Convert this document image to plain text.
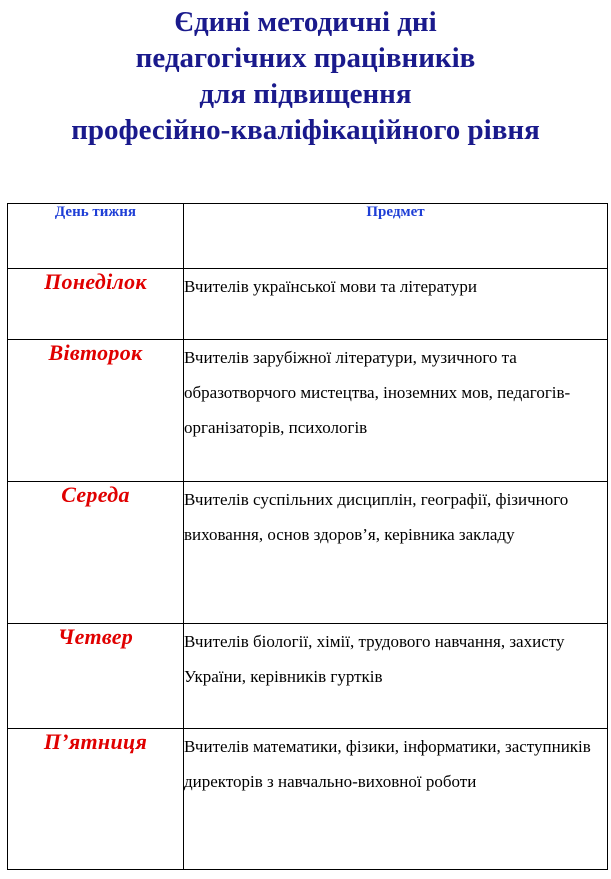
Єдині методичні дні
педагогічних працівників
для підвищення
професійно-кваліфікаційного рівня
День тижня	Предмет
Понеділок	Вчителів української мови та літератури
Вівторок	Вчителів зарубіжної літератури, музичного та образотворчого мистецтва, іноземних мов, педагогів-організаторів, психологів
Середа	Вчителів суспільних дисциплін, географії, фізичного виховання, основ здоров’я, керівника закладу
Четвер	Вчителів біології, хімії, трудового навчання, захисту України, керівників гуртків
П’ятниця	Вчителів математики, фізики, інформатики, заступників директорів з навчально-виховної роботи
